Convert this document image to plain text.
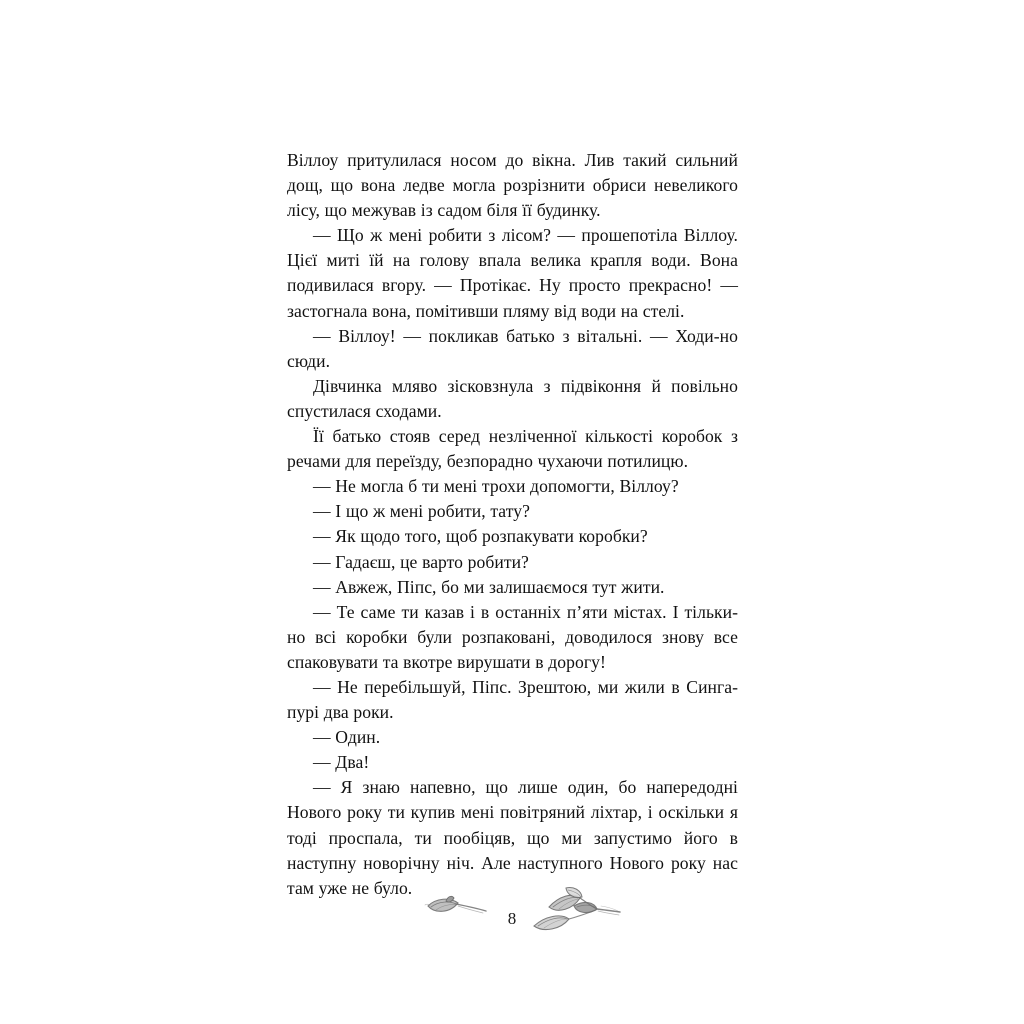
Віллоу притулилася носом до вікна. Лив такий сильний дощ, що вона ледве могла розрізнити обриси невеликого лісу, що межував із садом біля її будинку.

— Що ж мені робити з лісом? — прошепотіла Віллоу. Цієї миті їй на голову впала велика крапля води. Вона подивилася вгору. — Протікає. Ну просто прекрасно! — застогнала вона, помітивши пляму від води на стелі.

— Віллоу! — покликав батько з вітальні. — Ходи-но сюди.

Дівчинка мляво зісковзнула з підвіконня й повільно спустилася сходами.

Її батько стояв серед незліченної кількості коробок з речами для переїзду, безпорадно чухаючи потилицю.

— Не могла б ти мені трохи допомогти, Віллоу?

— І що ж мені робити, тату?

— Як щодо того, щоб розпакувати коробки?

— Гадаєш, це варто робити?

— Авжеж, Піпс, бо ми залишаємося тут жити.

— Те саме ти казав і в останніх п’яти містах. І тільки-но всі коробки були розпаковані, доводилося знову все спаковувати та вкотре вирушати в дорогу!

— Не перебільшуй, Піпс. Зрештою, ми жили в Сингапурі два роки.

— Один.

— Два!

— Я знаю напевно, що лише один, бо напередодні Нового року ти купив мені повітряний ліхтар, і оскільки я тоді проспала, ти пообіцяв, що ми запустимо його в наступну новорічну ніч. Але наступного Нового року нас там уже не було.

8
